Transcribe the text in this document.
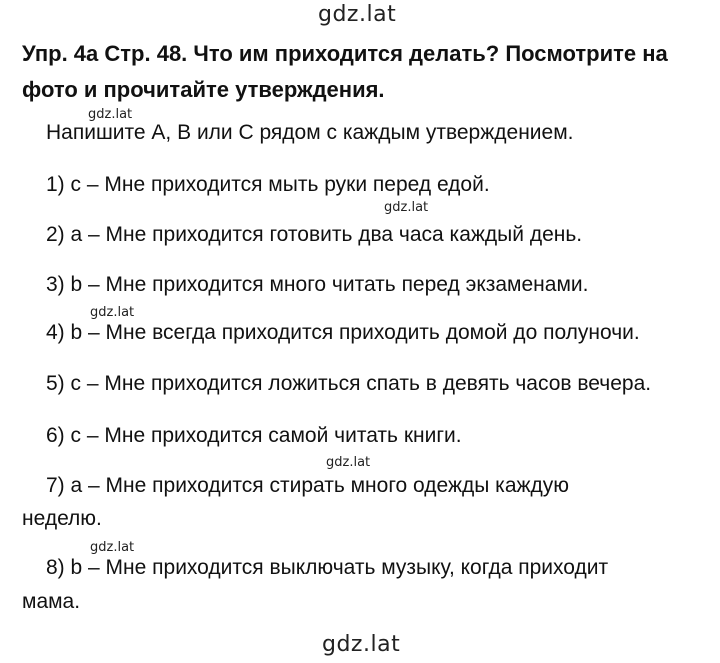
gdz.lat
Упр. 4а Стр. 48. Что им приходится делать? Посмотрите на фото и прочитайте утверждения.
gdz.lat

Напишите A, B или C рядом с каждым утверждением.

1) c – Мне приходится мыть руки перед едой.

gdz.lat

2) a – Мне приходится готовить два часа каждый день.

3) b – Мне приходится много читать перед экзаменами.

gdz.lat

4) b – Мне всегда приходится приходить домой до полуночи.

5) c – Мне приходится ложиться спать в девять часов вечера.

6) c – Мне приходится самой читать книги.

gdz.lat

7) a – Мне приходится стирать много одежды каждую

неделю.

gdz.lat

8) b – Мне приходится выключать музыку, когда приходит

мама.

gdz.lat
